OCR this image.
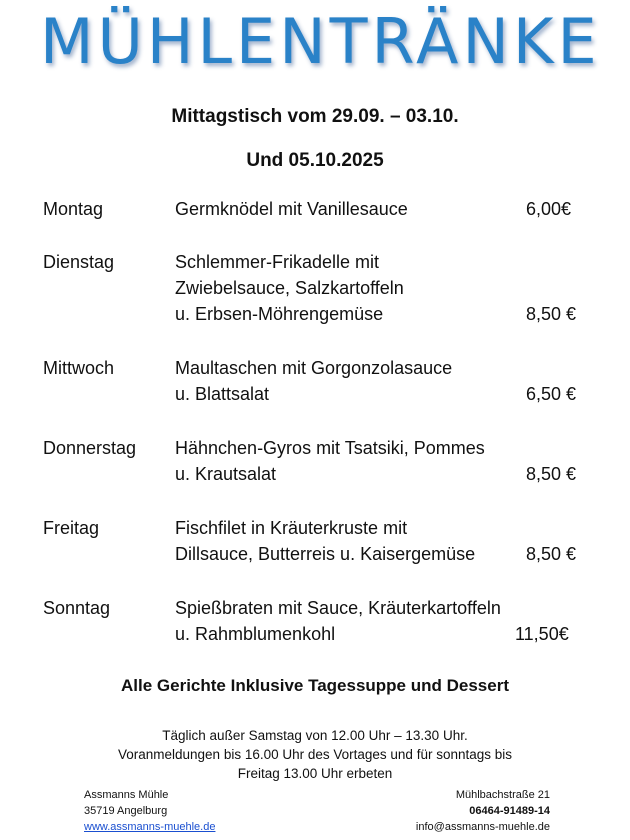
MÜHLENTRÄNKE
Mittagstisch vom 29.09. – 03.10.
Und 05.10.2025
Montag	Germknödel mit Vanillesauce	6,00€
Dienstag	Schlemmer-Frikadelle mit
Zwiebelsauce, Salzkartoffeln
u. Erbsen-Möhrengemüse	8,50 €
Mittwoch	Maultaschen mit Gorgonzolasauce
u. Blattsalat	6,50 €
Donnerstag Hähnchen-Gyros mit Tsatsiki, Pommes
u. Krautsalat	8,50 €
Freitag	Fischfilet in Kräuterkruste mit
Dillsauce, Butterreis u. Kaisergemüse	8,50 €
Sonntag	Spießbraten mit Sauce, Kräuterkartoffeln
u. Rahmblumenkohl	11,50€
Alle Gerichte Inklusive Tagessuppe und Dessert
Täglich außer Samstag von 12.00 Uhr – 13.30 Uhr.
Voranmeldungen bis 16.00 Uhr des Vortages und für sonntags bis
Freitag 13.00 Uhr erbeten
Assmanns Mühle
35719 Angelburg
www.assmanns-muehle.de
Mühlbachstraße 21
06464-91489-14
info@assmanns-muehle.de
